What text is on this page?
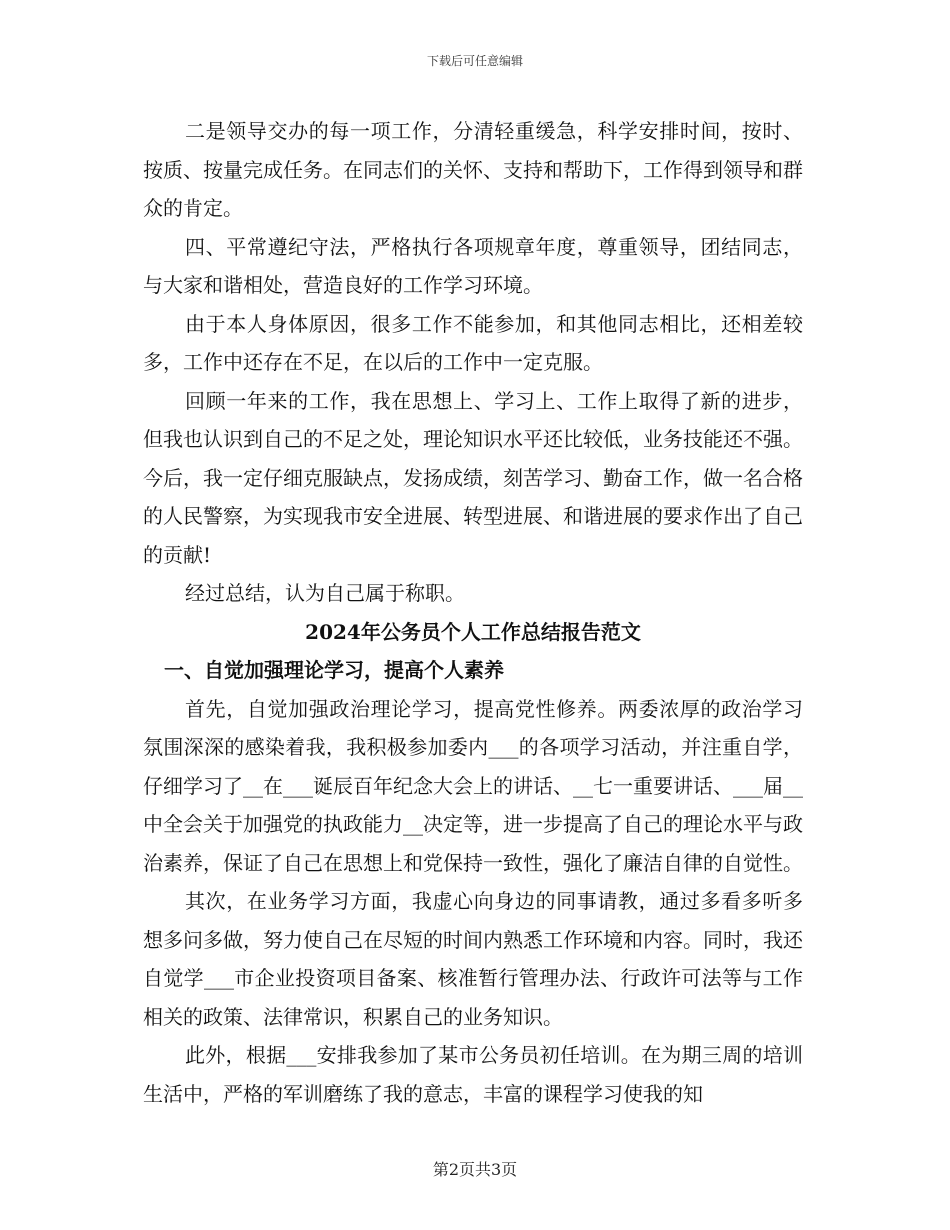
下载后可任意编辑

二是领导交办的每一项工作，分清轻重缓急，科学安排时间，按时、按质、按量完成任务。在同志们的关怀、支持和帮助下，工作得到领导和群众的肯定。

四、平常遵纪守法，严格执行各项规章年度，尊重领导，团结同志，与大家和谐相处，营造良好的工作学习环境。

由于本人身体原因，很多工作不能参加，和其他同志相比，还相差较多，工作中还存在不足，在以后的工作中一定克服。

回顾一年来的工作，我在思想上、学习上、工作上取得了新的进步，但我也认识到自己的不足之处，理论知识水平还比较低，业务技能还不强。今后，我一定仔细克服缺点，发扬成绩，刻苦学习、勤奋工作，做一名合格的人民警察，为实现我市安全进展、转型进展、和谐进展的要求作出了自己的贡献!

经过总结，认为自己属于称职。

2024年公务员个人工作总结报告范文

一、自觉加强理论学习，提高个人素养

首先，自觉加强政治理论学习，提高党性修养。两委浓厚的政治学习氛围深深的感染着我，我积极参加委内___的各项学习活动，并注重自学，仔细学习了__在___诞辰百年纪念大会上的讲话、__七一重要讲话、___届__中全会关于加强党的执政能力__决定等，进一步提高了自己的理论水平与政治素养，保证了自己在思想上和党保持一致性，强化了廉洁自律的自觉性。

其次，在业务学习方面，我虚心向身边的同事请教，通过多看多听多想多问多做，努力使自己在尽短的时间内熟悉工作环境和内容。同时，我还自觉学___市企业投资项目备案、核准暂行管理办法、行政许可法等与工作相关的政策、法律常识，积累自己的业务知识。

此外，根据___安排我参加了某市公务员初任培训。在为期三周的培训生活中，严格的军训磨练了我的意志，丰富的课程学习使我的知

第2页共3页
